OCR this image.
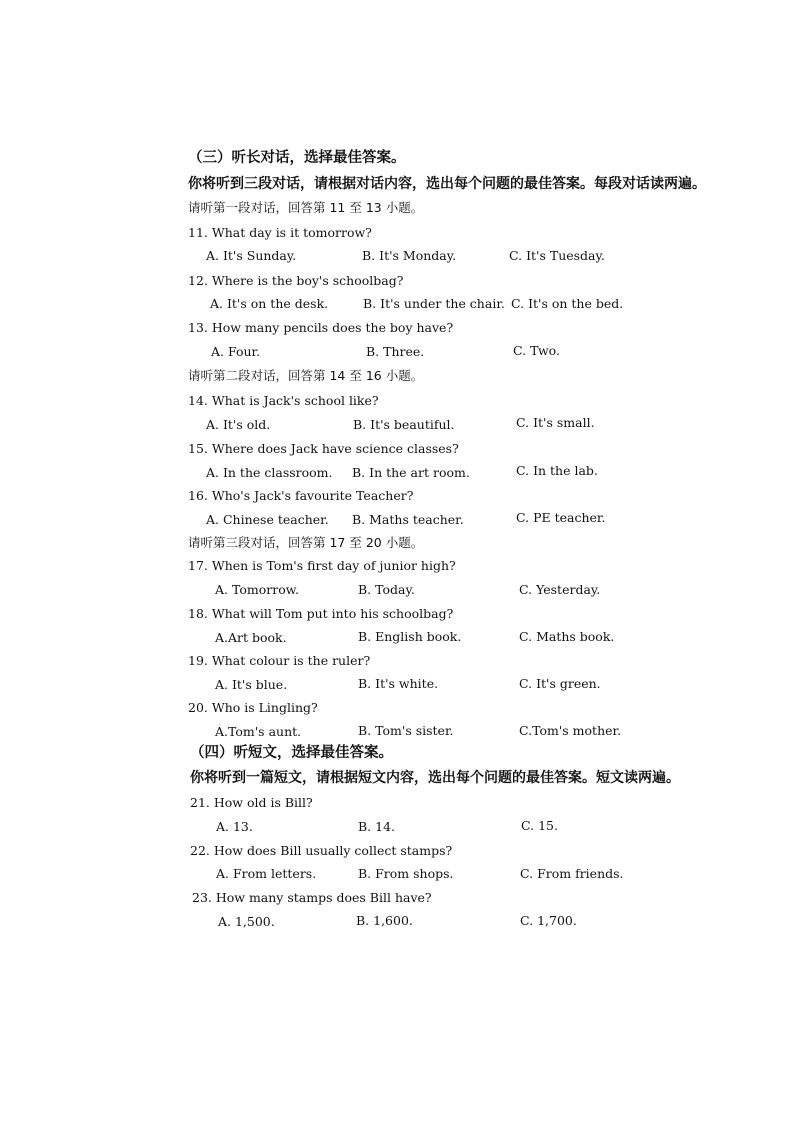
（三）听长对话，选择最佳答案。
你将听到三段对话，请根据对话内容，选出每个问题的最佳答案。每段对话读两遍。
请听第一段对话，回答第 11 至 13 小题。
11. What day is it tomorrow?
A. It's Sunday.	B. It's Monday.	C. It's Tuesday.
12. Where is the boy's schoolbag?
A. It's on the desk.	B. It's under the chair. C. It's on the bed.
13. How many pencils does the boy have?
A. Four.	B. Three.	C. Two.
请听第二段对话，回答第 14 至 16 小题。
14. What is Jack's school like?
A. It's old.	B. It's beautiful.	C. It's small.
15. Where does Jack have science classes?
A. In the classroom. B. In the art room.	C. In the lab.
16. Who's Jack's favourite Teacher?
A. Chinese teacher. B. Maths teacher.	C. PE teacher.
请听第三段对话，回答第 17 至 20 小题。
17. When is Tom's first day of junior high?
A. Tomorrow.	B. Today.	C. Yesterday.
18. What will Tom put into his schoolbag?
A.Art book.	B. English book.	C. Maths book.
19. What colour is the ruler?
A. It's blue.	B. It's white.	C. It's green.
20. Who is Lingling?
A.Tom's aunt.	B. Tom's sister.	C.Tom's mother.
（四）听短文，选择最佳答案。
你将听到一篇短文，请根据短文内容，选出每个问题的最佳答案。短文读两遍。
21. How old is Bill?
A. 13.	B. 14.	C. 15.
22. How does Bill usually collect stamps?
A. From letters.	B. From shops.	C. From friends.
23. How many stamps does Bill have?
A. 1,500.	B. 1,600.	C. 1,700.
